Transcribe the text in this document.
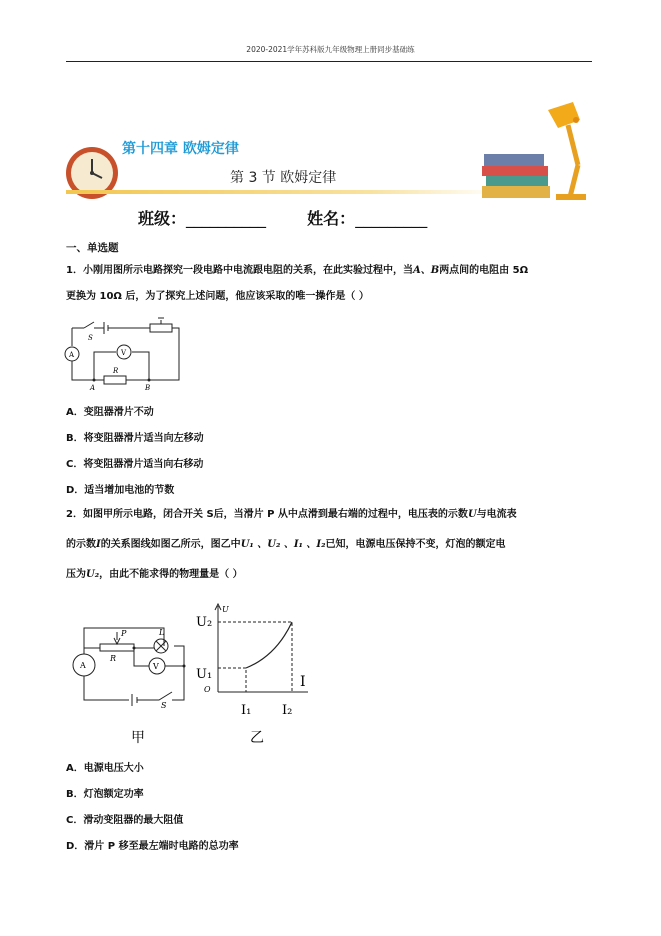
2020-2021学年苏科版九年级物理上册同步基础练
第十四章 欧姆定律
第 3 节 欧姆定律
班级：__________	姓名：_________
一、单选题
1．小刚用图所示电路探究一段电路中电流跟电阻的关系，在此实验过程中，当A、B两点间的电阻由 5Ω
更换为 10Ω 后，为了探究上述问题，他应该采取的唯一操作是（ ）
S
A	V
R
A	B
A．变阻器滑片不动
B．将变阻器滑片适当向左移动
C．将变阻器滑片适当向右移动
D．适当增加电池的节数
2．如图甲所示电路，闭合开关 S后，当滑片 P 从中点滑到最右端的过程中，电压表的示数U与电流表
的示数I的关系图线如图乙所示，图乙中U₁ 、U₂ 、I₁ 、I₂已知，电源电压保持不变，灯泡的额定电
压为U₂，由此不能求得的物理量是（ ）
P
R
L
A	V
S
甲
U
U₂
U₁
O	I
I₁ I₂
乙
A．电源电压大小
B．灯泡额定功率
C．滑动变阻器的最大阻值
D．滑片 P 移至最左端时电路的总功率
